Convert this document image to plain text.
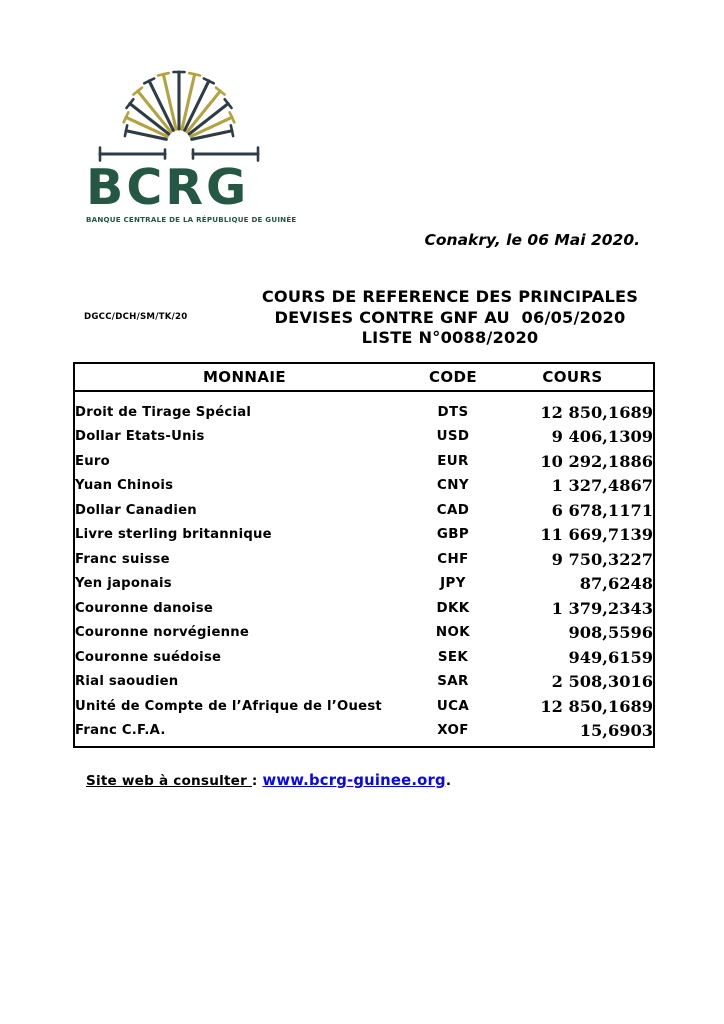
BCRG
BANQUE CENTRALE DE LA RÉPUBLIQUE DE GUINÉE
Conakry, le 06 Mai 2020.
DGCC/DCH/SM/TK/20
COURS DE REFERENCE DES PRINCIPALES
DEVISES CONTRE GNF AU  06/05/2020
LISTE N°0088/2020
MONNAIE	CODE	COURS
Droit de Tirage Spécial	DTS	12 850,1689
Dollar Etats-Unis	USD	9 406,1309
Euro	EUR	10 292,1886
Yuan Chinois	CNY	1 327,4867
Dollar Canadien	CAD	6 678,1171
Livre sterling britannique	GBP	11 669,7139
Franc suisse	CHF	9 750,3227
Yen japonais	JPY	87,6248
Couronne danoise	DKK	1 379,2343
Couronne norvégienne	NOK	908,5596
Couronne suédoise	SEK	949,6159
Rial saoudien	SAR	2 508,3016
Unité de Compte de l’Afrique de l’Ouest	UCA	12 850,1689
Franc C.F.A.	XOF	15,6903
Site web à consulter : www.bcrg-guinee.org.
